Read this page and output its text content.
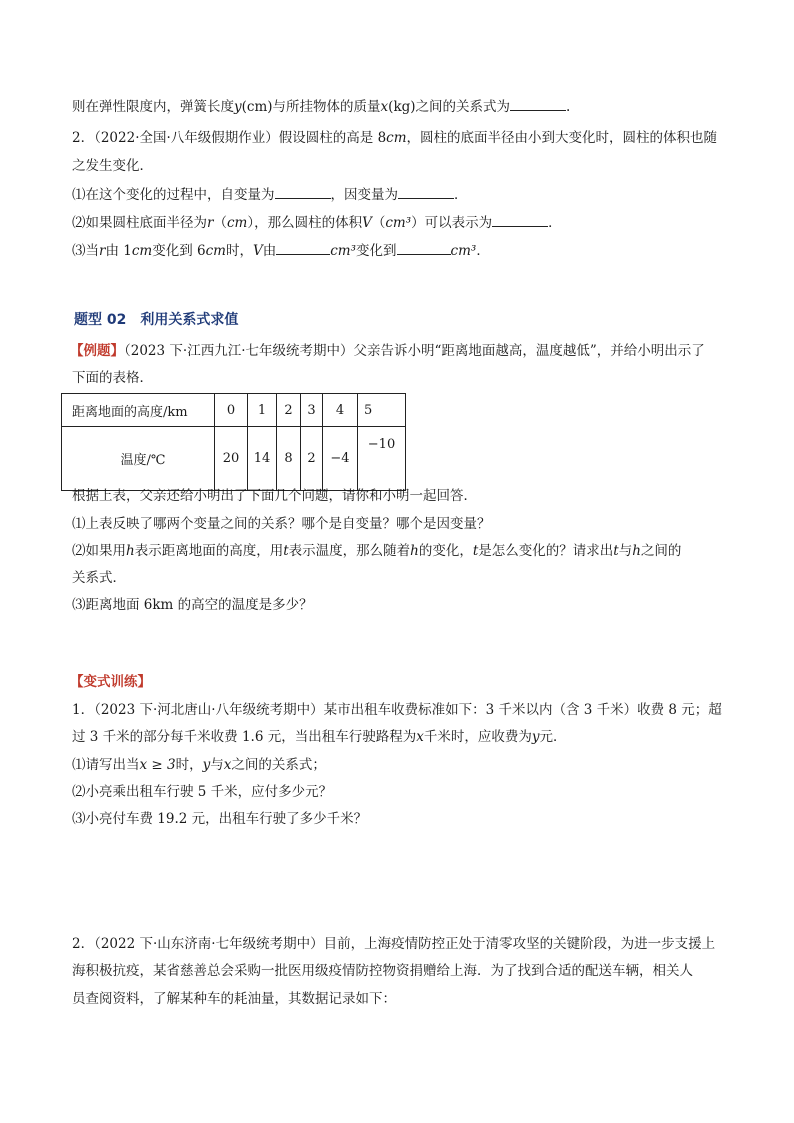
则在弹性限度内，弹簧长度y(cm)与所挂物体的质量x(kg)之间的关系式为	.
2．（2022·全国·八年级假期作业）假设圆柱的高是 8cm，圆柱的底面半径由小到大变化时，圆柱的体积也随
之发生变化．
⑴在这个变化的过程中，自变量为	，因变量为	．
⑵如果圆柱底面半径为r（cm），那么圆柱的体积V（cm³）可以表示为	．
⑶当r由 1cm变化到 6cm时，V由	cm³变化到	cm³．
题型 02 利用关系式求值
【例题】（2023 下·江西九江·七年级统考期中）父亲告诉小明“距离地面越高，温度越低”，并给小明出示了
下面的表格．
距离地面的高度/km	0	1	2	3	4	5
温度/℃	20	14	8	2	−4	−10
根据上表，父亲还给小明出了下面几个问题，请你和小明一起回答．
⑴上表反映了哪两个变量之间的关系？哪个是自变量？哪个是因变量？
⑵如果用h表示距离地面的高度，用t表示温度，那么随着h的变化，t是怎么变化的？请求出t与h之间的
关系式．
⑶距离地面 6km 的高空的温度是多少？
【变式训练】
1．（2023 下·河北唐山·八年级统考期中）某市出租车收费标准如下：3 千米以内（含 3 千米）收费 8 元；超
过 3 千米的部分每千米收费 1.6 元，当出租车行驶路程为x千米时，应收费为y元．
⑴请写出当x ≥ 3时，y与x之间的关系式；
⑵小亮乘出租车行驶 5 千米，应付多少元？
⑶小亮付车费 19.2 元，出租车行驶了多少千米？
2．（2022 下·山东济南·七年级统考期中）目前，上海疫情防控正处于清零攻坚的关键阶段，为进一步支援上
海积极抗疫，某省慈善总会采购一批医用级疫情防控物资捐赠给上海．为了找到合适的配送车辆，相关人
员查阅资料，了解某种车的耗油量，其数据记录如下：
